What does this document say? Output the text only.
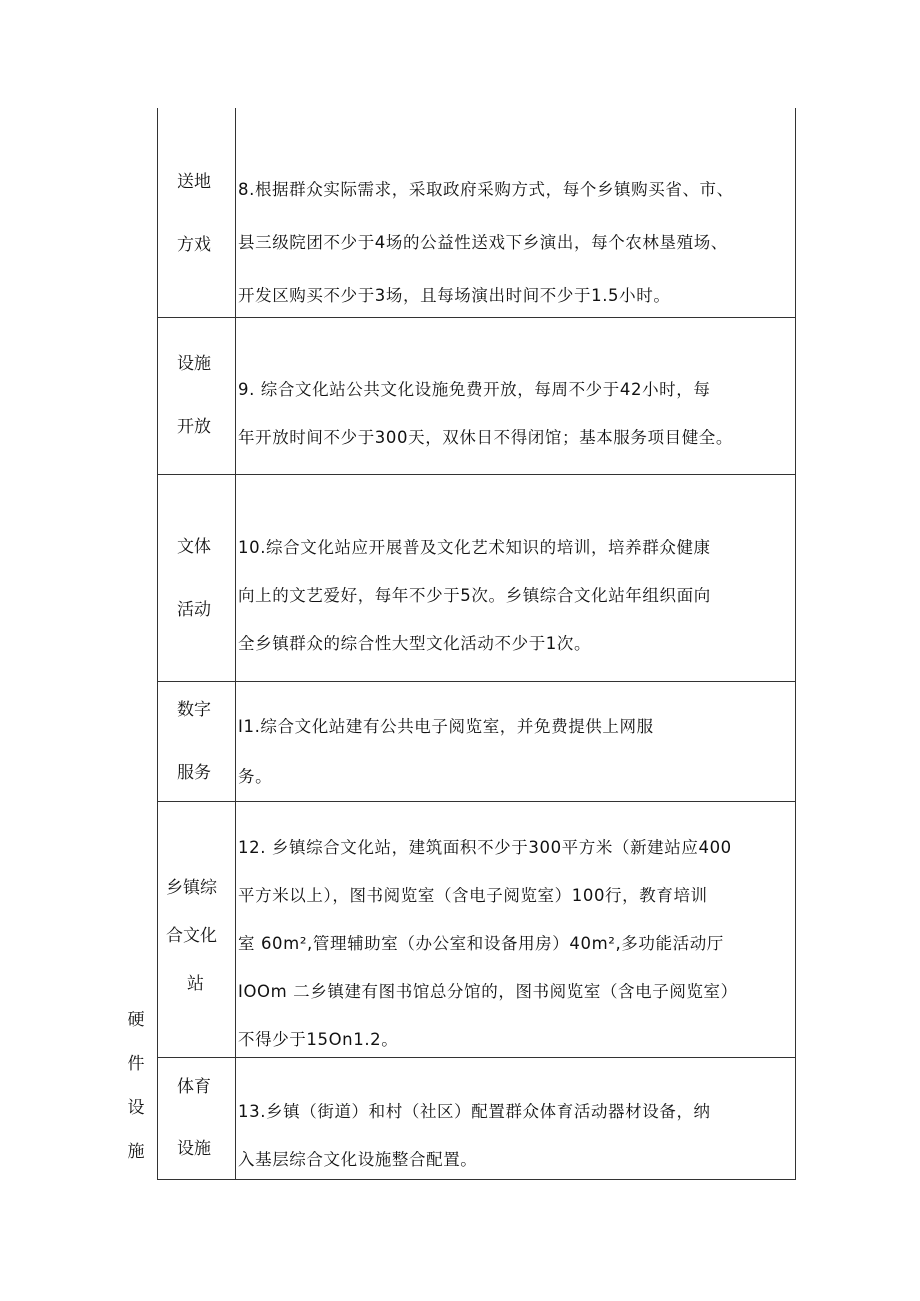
送地
方戏
8.根据群众实际需求，采取政府采购方式，每个乡镇购买省、市、
县三级院团不少于4场的公益性送戏下乡演出，每个农林垦殖场、
开发区购买不少于3场，且每场演出时间不少于1.5小时。
设施
开放
9. 综合文化站公共文化设施免费开放，每周不少于42小时，每
年开放时间不少于300天，双休日不得闭馆；基本服务项目健全。
文体
活动
10.综合文化站应开展普及文化艺术知识的培训，培养群众健康
向上的文艺爱好，每年不少于5次。乡镇综合文化站年组织面向
全乡镇群众的综合性大型文化活动不少于1次。
数字
服务
I1.综合文化站建有公共电子阅览室，并免费提供上网服
务。
乡镇综
合文化
站
12. 乡镇综合文化站，建筑面积不少于300平方米（新建站应400
平方米以上），图书阅览室（含电子阅览室）100行，教育培训
室 60m²,管理辅助室（办公室和设备用房）40m²,多功能活动厅
IOOm 二乡镇建有图书馆总分馆的，图书阅览室（含电子阅览室）
不得少于15On1.2。
体育
设施
13.乡镇（街道）和村（社区）配置群众体育活动器材设备，纳
入基层综合文化设施整合配置。
硬
件
设
施
